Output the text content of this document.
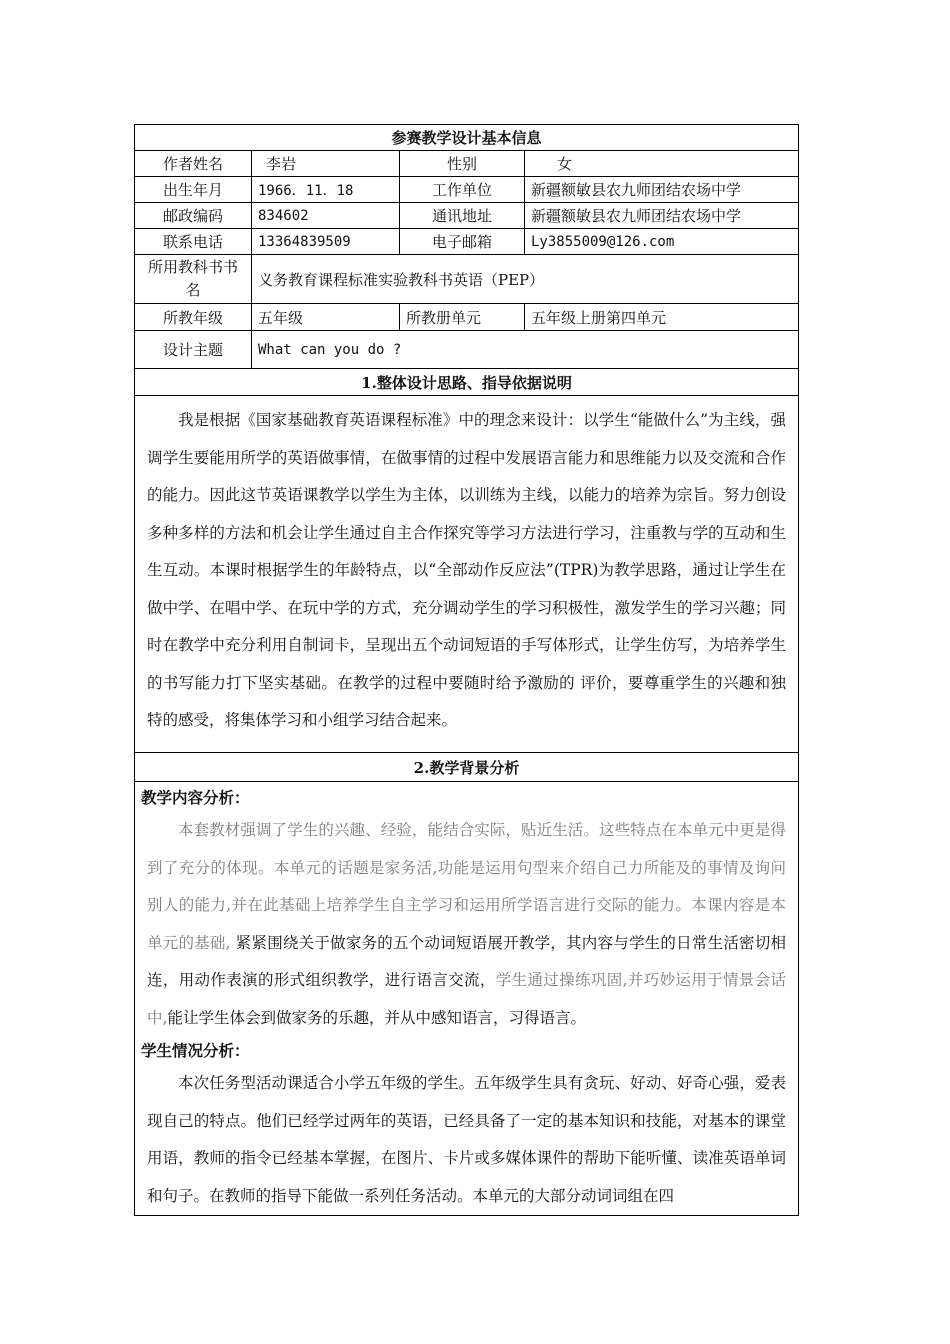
参赛教学设计基本信息			
作者姓名	李岩	性别	女
出生年月	1966．11．18	工作单位	新疆额敏县农九师团结农场中学
邮政编码	834602	通讯地址	新疆额敏县农九师团结农场中学
联系电话	13364839509	电子邮箱	Ly3855009@126.com
所用教科书书名	义务教育课程标准实验教科书英语（PEP）		
所教年级	五年级	所教册单元	五年级上册第四单元
设计主题	What can you do ?		
1.整体设计思路、指导依据说明			

我是根据《国家基础教育英语课程标准》中的理念来设计：以学生“能做什么”为主线，强调学生要能用所学的英语做事情，在做事情的过程中发展语言能力和思维能力以及交流和合作的能力。因此这节英语课教学以学生为主体，以训练为主线，以能力的培养为宗旨。努力创设多种多样的方法和机会让学生通过自主合作探究等学习方法进行学习，注重教与学的互动和生生互动。本课时根据学生的年龄特点，以“全部动作反应法”(TPR)为教学思路，通过让学生在做中学、在唱中学、在玩中学的方式，充分调动学生的学习积极性，激发学生的学习兴趣；同时在教学中充分利用自制词卡，呈现出五个动词短语的手写体形式，让学生仿写，为培养学生的书写能力打下坚实基础。在教学的过程中要随时给予激励的 评价，要尊重学生的兴趣和独特的感受，将集体学习和小组学习结合起来。			

2.教学背景分析			

教学内容分析：
本套教材强调了学生的兴趣、经验，能结合实际，贴近生活。这些特点在本单元中更是得到了充分的体现。本单元的话题是家务活,功能是运用句型来介绍自己力所能及的事情及询问别人的能力,并在此基础上培养学生自主学习和运用所学语言进行交际的能力。本课内容是本单元的基础, 紧紧围绕关于做家务的五个动词短语展开教学，其内容与学生的日常生活密切相连，用动作表演的形式组织教学，进行语言交流，学生通过操练巩固,并巧妙运用于情景会话中,能让学生体会到做家务的乐趣，并从中感知语言，习得语言。
学生情况分析：
本次任务型活动课适合小学五年级的学生。五年级学生具有贪玩、好动、好奇心强，爱表现自己的特点。他们已经学过两年的英语，已经具备了一定的基本知识和技能，对基本的课堂用语，教师的指令已经基本掌握，在图片、卡片或多媒体课件的帮助下能听懂、读准英语单词和句子。在教师的指导下能做一系列任务活动。本单元的大部分动词词组在四			
